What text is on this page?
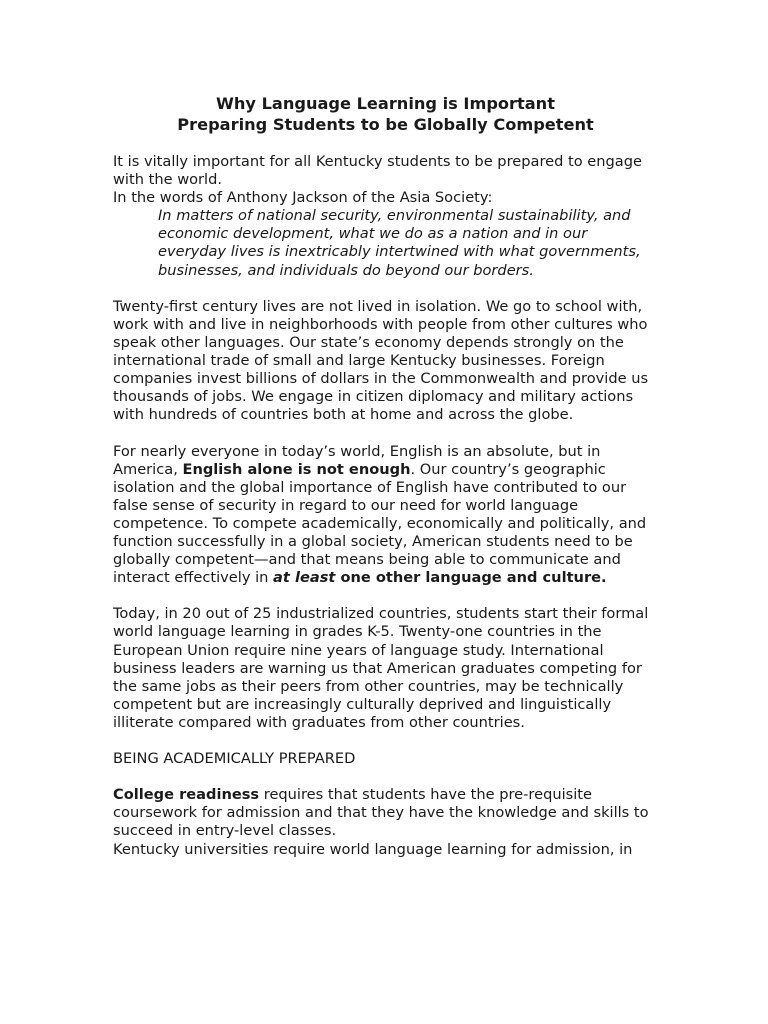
Why Language Learning is Important
Preparing Students to be Globally Competent

It is vitally important for all Kentucky students to be prepared to engage with the world.

In the words of Anthony Jackson of the Asia Society:

In matters of national security, environmental sustainability, and economic development, what we do as a nation and in our everyday lives is inextricably intertwined with what governments, businesses, and individuals do beyond our borders.

Twenty-first century lives are not lived in isolation. We go to school with, work with and live in neighborhoods with people from other cultures who speak other languages. Our state’s economy depends strongly on the international trade of small and large Kentucky businesses. Foreign companies invest billions of dollars in the Commonwealth and provide us thousands of jobs. We engage in citizen diplomacy and military actions with hundreds of countries both at home and across the globe.

For nearly everyone in today’s world, English is an absolute, but in America, English alone is not enough. Our country’s geographic isolation and the global importance of English have contributed to our false sense of security in regard to our need for world language competence. To compete academically, economically and politically, and function successfully in a global society, American students need to be globally competent—and that means being able to communicate and interact effectively in at least one other language and culture.

Today, in 20 out of 25 industrialized countries, students start their formal world language learning in grades K-5. Twenty-one countries in the European Union require nine years of language study. International business leaders are warning us that American graduates competing for the same jobs as their peers from other countries, may be technically competent but are increasingly culturally deprived and linguistically illiterate compared with graduates from other countries.

BEING ACADEMICALLY PREPARED

College readiness requires that students have the pre-requisite coursework for admission and that they have the knowledge and skills to succeed in entry-level classes.

Kentucky universities require world language learning for admission, in
